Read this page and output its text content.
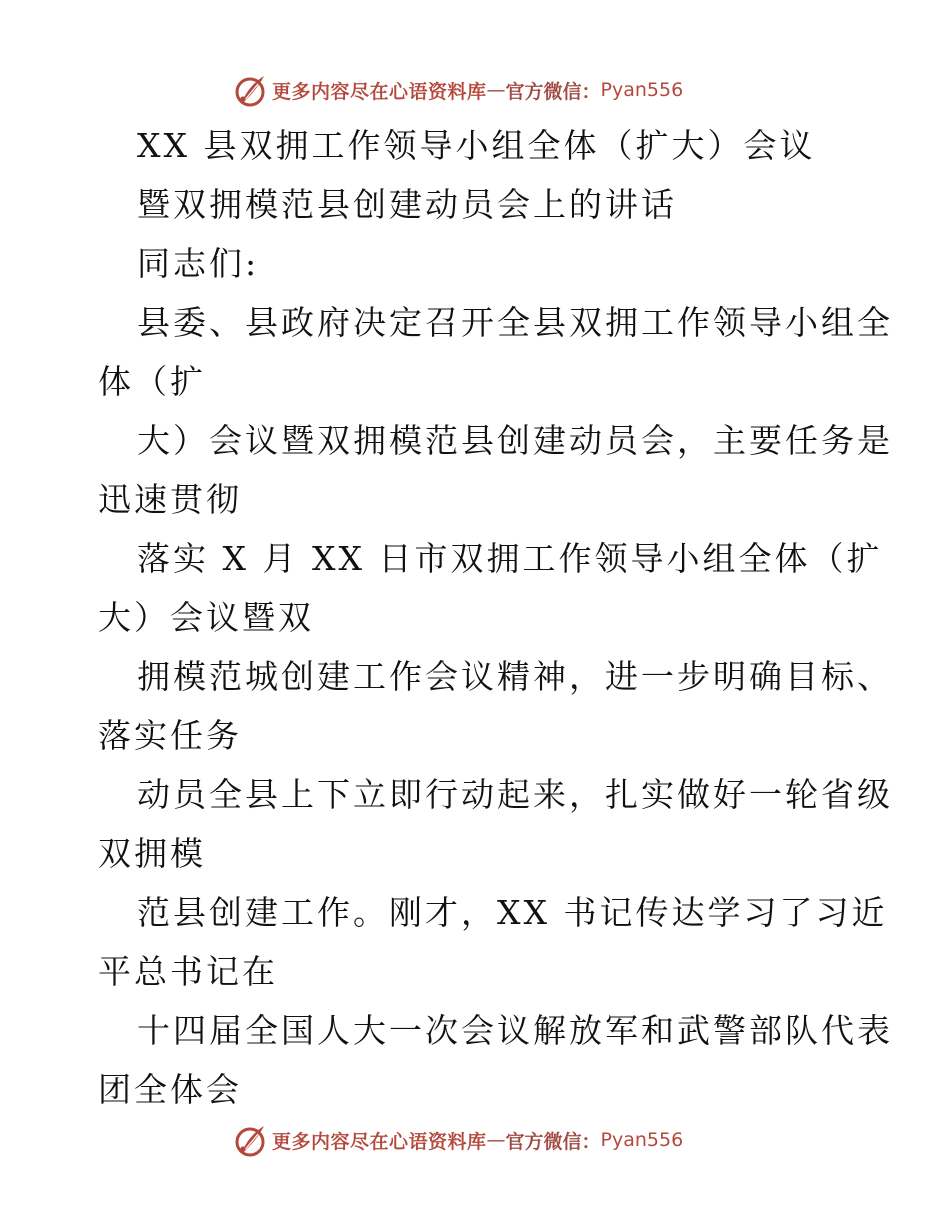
更多内容尽在心语资料库 — 官方微信： Pyan556
XX 县双拥工作领导小组全体（扩大）会议
暨双拥模范县创建动员会上的讲话
同志们:
县委、县政府决定召开全县双拥工作领导小组全
体（扩
大）会议暨双拥模范县创建动员会，主要任务是
迅速贯彻
落实 X 月 XX 日市双拥工作领导小组全体（扩
大）会议暨双
拥模范城创建工作会议精神，进一步明确目标、
落实任务
动员全县上下立即行动起来，扎实做好一轮省级
双拥模
范县创建工作。刚才，XX 书记传达学习了习近
平总书记在
十四届全国人大一次会议解放军和武警部队代表
团全体会
更多内容尽在心语资料库 — 官方微信： Pyan556
